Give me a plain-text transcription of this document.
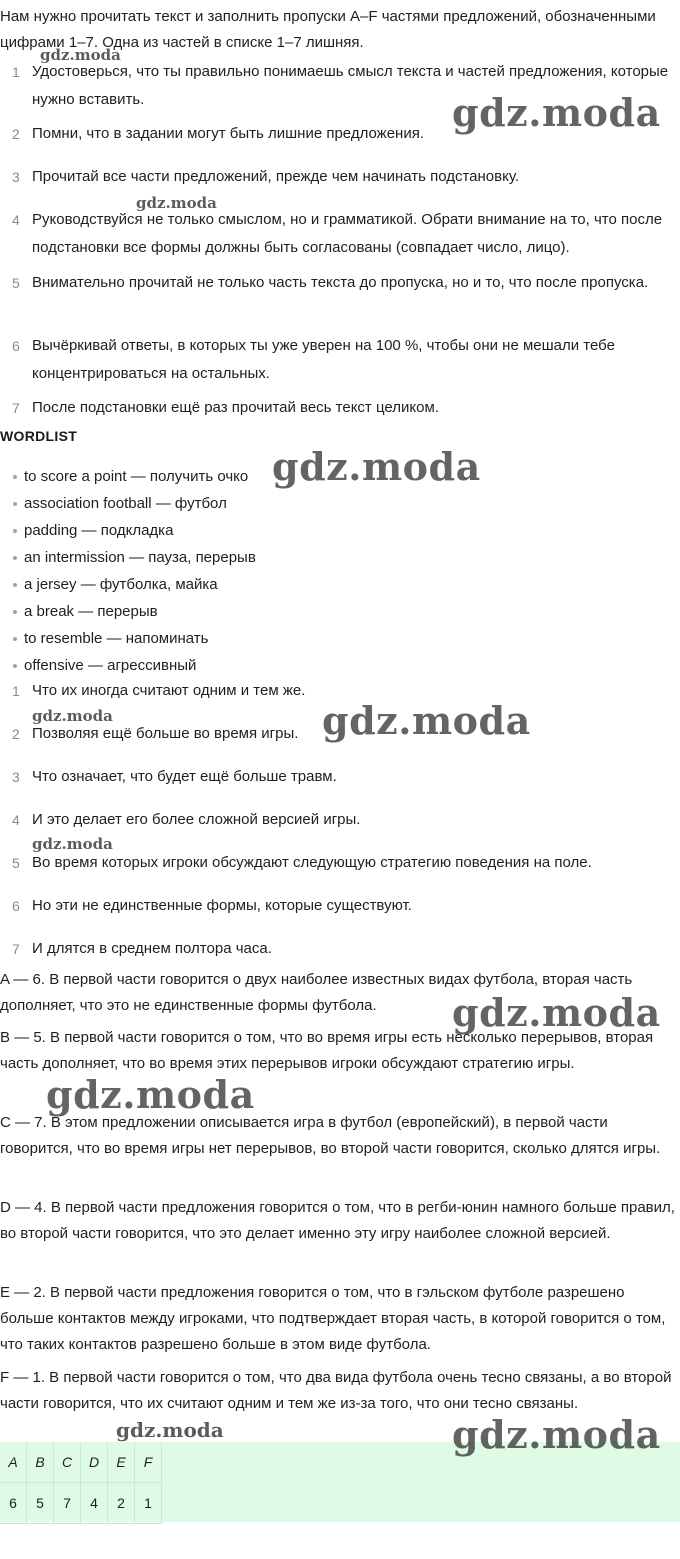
Нам нужно прочитать текст и заполнить пропуски A–F частями предложений, обозначенными цифрами 1–7. Одна из частей в списке 1–7 лишняя.

1 Удостоверься, что ты правильно понимаешь смысл текста и частей предложения, которые нужно вставить.
2 Помни, что в задании могут быть лишние предложения.
3 Прочитай все части предложений, прежде чем начинать подстановку.
4 Руководствуйся не только смыслом, но и грамматикой. Обрати внимание на то, что после подстановки все формы должны быть согласованы (совпадает число, лицо).
5 Внимательно прочитай не только часть текста до пропуска, но и то, что после пропуска.
6 Вычёркивай ответы, в которых ты уже уверен на 100 %, чтобы они не мешали тебе концентрироваться на остальных.
7 После подстановки ещё раз прочитай весь текст целиком.
WORDLIST
to score a point — получить очко
association football — футбол
padding — подкладка
an intermission — пауза, перерыв
a jersey — футболка, майка
a break — перерыв
to resemble — напоминать
offensive — агрессивный
1 Что их иногда считают одним и тем же.
2 Позволяя ещё больше во время игры.
3 Что означает, что будет ещё больше травм.
4 И это делает его более сложной версией игры.
5 Во время которых игроки обсуждают следующую стратегию поведения на поле.
6 Но эти не единственные формы, которые существуют.
7 И длятся в среднем полтора часа.

A — 6. В первой части говорится о двух наиболее известных видах футбола, вторая часть дополняет, что это не единственные формы футбола.

B — 5. В первой части говорится о том, что во время игры есть несколько перерывов, вторая часть дополняет, что во время этих перерывов игроки обсуждают стратегию игры.

C — 7. В этом предложении описывается игра в футбол (европейский), в первой части говорится, что во время игры нет перерывов, во второй части говорится, сколько длятся игры.

D — 4. В первой части предложения говорится о том, что в регби-юнин намного больше правил, во второй части говорится, что это делает именно эту игру наиболее сложной версией.

E — 2. В первой части предложения говорится о том, что в гэльском футболе разрешено больше контактов между игроками, что подтверждает вторая часть, в которой говорится о том, что таких контактов разрешено больше в этом виде футбола.

F — 1. В первой части говорится о том, что два вида футбола очень тесно связаны, а во второй части говорится, что их считают одним и тем же из-за того, что они тесно связаны.

A	B	C	D	E	F
6	5	7	4	2	1
gdz.moda
gdz.moda
gdz.moda
gdz.moda
gdz.moda	gdz.moda
gdz.moda
gdz.moda
gdz.moda
gdz.moda	gdz.moda
